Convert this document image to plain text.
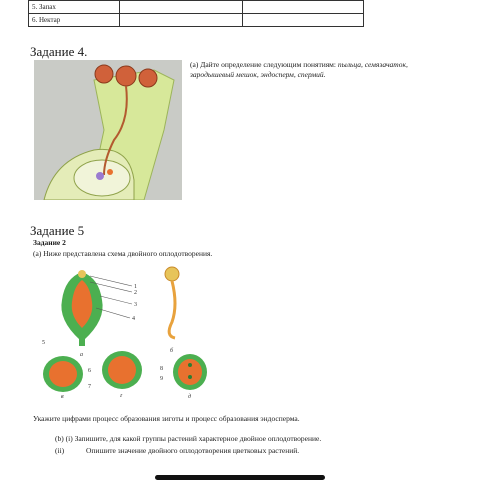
5. Запах		
6. Нектар		
Задание 4.
(а) Дайте определение следующим понятиям: пыльца, семязачаток, зародышевый мешок, эндосперм, спермий.
Задание 5
Задание 2
(а) Ниже представлена схема двойного оплодотворения.
1
2
3
4
5
6
7
8
9
а
б
в	г	д
Укажите цифрами процесс образования зиготы и процесс образования эндосперма.
(b) (i) Запишите, для какой группы растений характерное двойное оплодотворение.
(ii)	Опишите значение двойного оплодотворения цветковых растений.
